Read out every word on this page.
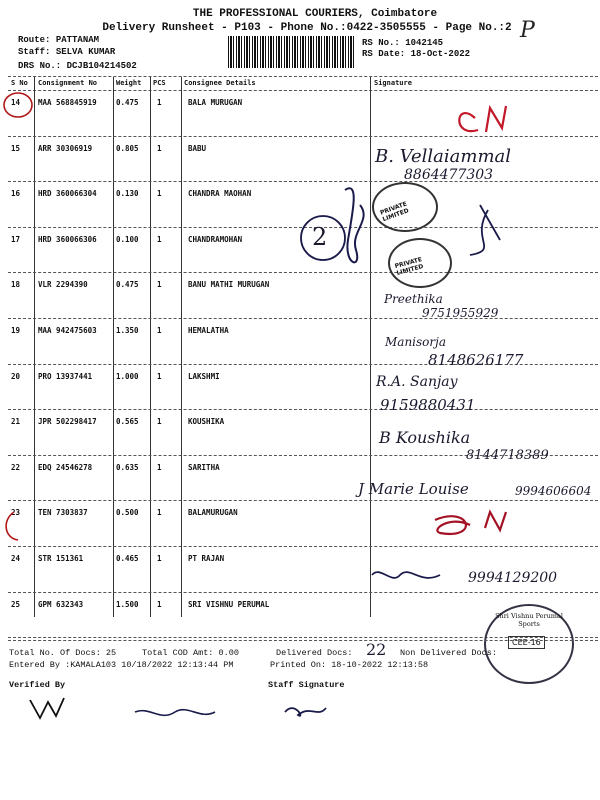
THE PROFESSIONAL COURIERS, Coimbatore
Delivery Runsheet - P103 - Phone No.:0422-3505555 - Page No.:2 P
Route: PATTANAM
Staff: SELVA KUMAR
DRS No.: DCJB104214502
RS No.: 1042145
RS Date: 18-Oct-2022
S No Consignment No	Weight PCS	Consignee Details	Signature
14 MAA 568845919	0.475 1	BALA MURUGAN
15 ARR 30306919	0.805 1	BABU
16 HRD 360066304	0.130 1	CHANDRA MAOHAN
17 HRD 360066306	0.100 1	CHANDRAMOHAN
18 VLR 2294390	0.475 1	BANU MATHI MURUGAN
19 MAA 942475603	1.350 1	HEMALATHA
20 PRO 13937441	1.000 1	LAKSHMI
21 JPR 502298417	0.565 1	KOUSHIKA
22 EDQ 24546278	0.635 1	SARITHA
23 TEN 7303837	0.500 1	BALAMURUGAN
24 STR 151361	0.465 1	PT RAJAN
25 GPM 632343	1.500 1	SRI VISHNU PERUMAL
2
B. Vellaiammal
8864477303
Preethika
9751955929
Manisorja
8148626177
R.A. Sanjay
9159880431
B Koushika
8144718389
J Marie Louise	9994606604
9994129200
PRIVATE LIMITED
PRIVATE LIMITED
Shri Vishnu Perumal Sports
CEE-16
Total No. Of Docs: 25	Total COD Amt: 0.00	Delivered Docs: 22 Non Delivered Docs:
Entered By :KAMALA103 10/18/2022 12:13:44 PM	Printed On: 18-10-2022 12:13:58
Verified By	Staff Signature
